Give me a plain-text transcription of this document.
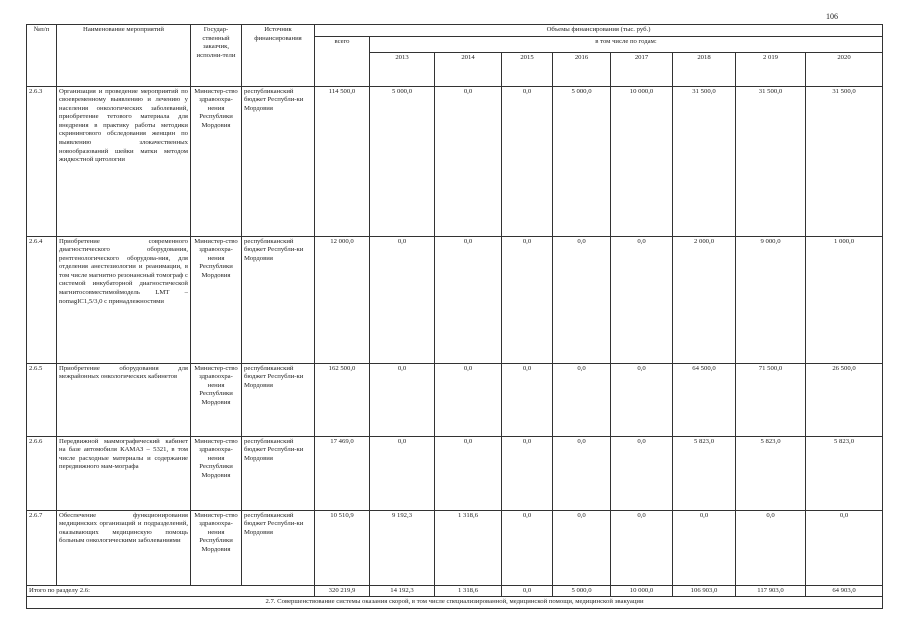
106
№п/п	Наименование мероприятий	Государ-ственный заказчик, исполни-тели	Источник финансирования	Объемы финансирования (тыс. руб.)								
				всего	в том числе по годам:							
					2013	2014	2015	2016	2017	2018	2 019	2020
2.6.3	Организация и проведение мероприятий по своевременному выявлению и лечению у населения онкологических заболеваний, приобретение тетового материала для внедрения в практику работы методики скринингового обследования женщин по выявлению злокачественных новообразований шейки матки методом жидкостной цитологии	Министер-ство здравоохра-нения Республики Мордовия	республиканский бюджет Республи-ки Мордовия	114 500,0	5 000,0	0,0	0,0	5 000,0	10 000,0	31 500,0	31 500,0	31 500,0
2.6.4	Приобретение современного диагностического оборудования, рентгенологического оборудова-ния, для отделения анестезиологии и реанимации, в том числе магнитно резонансный томограф с системой инкубаторной диагностической магнитосовместимоймодель LMT – nomagIC1,5/3,0 с принадлежностями	Министер-ство здравоохра-нения Республики Мордовия	республиканский бюджет Республи-ки Мордовия	12 000,0	0,0	0,0	0,0	0,0	0,0	2 000,0	9 000,0	1 000,0
2.6.5	Приобретение оборудования для межрайонных онкологических кабинетов	Министер-ство здравоохра-нения Республики Мордовия	республиканский бюджет Республи-ки Мордовия	162 500,0	0,0	0,0	0,0	0,0	0,0	64 500,0	71 500,0	26 500,0
2.6.6	Передвижной маммографический кабинет на базе автомобиля КАМАЗ – 5321, в том числе расходные материалы и содержание передвижного мам-мографа	Министер-ство здравоохра-нения Республики Мордовия	республиканский бюджет Республи-ки Мордовия	17 469,0	0,0	0,0	0,0	0,0	0,0	5 823,0	5 823,0	5 823,0
2.6.7	Обеспечение функционирования медицинских организаций и подразделений, оказывающих медицинскую помощь больным онкологическими заболеваниями	Министер-ство здравоохра-нения Республики Мордовия	республиканский бюджет Республи-ки Мордовия	10 510,9	9 192,3	1 318,6	0,0	0,0	0,0	0,0	0,0	0,0
Итого по разделу 2.6:				320 219,9	14 192,3	1 318,6	0,0	5 000,0	10 000,0	106 903,0	117 903,0	64 903,0
2.7. Совершенствование системы оказания скорой, в том числе специализированной, медицинской помощи, медицинской эвакуации												
